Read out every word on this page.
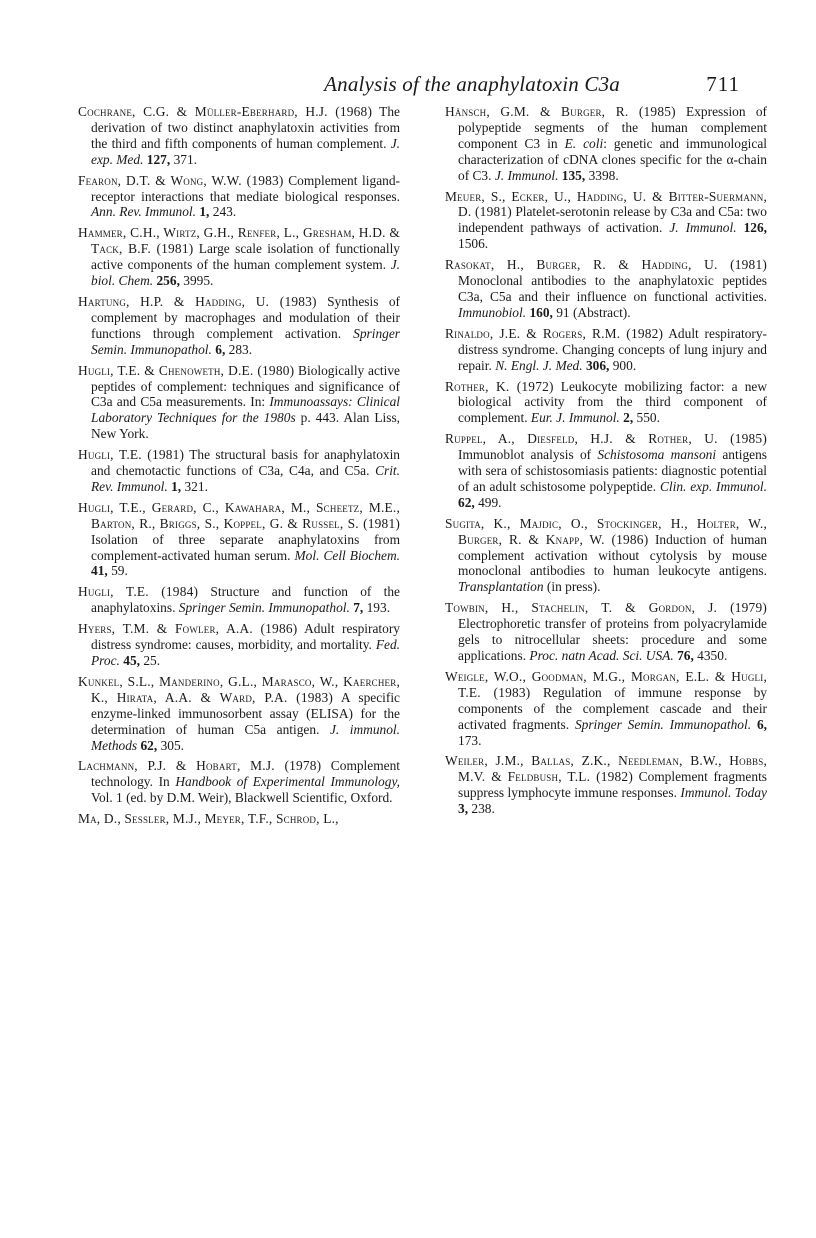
Analysis of the anaphylatoxin C3a	711

Cochrane, C.G. & Müller-Eberhard, H.J. (1968) The derivation of two distinct anaphylatoxin activities from the third and fifth components of human complement. J. exp. Med. 127, 371.

Fearon, D.T. & Wong, W.W. (1983) Complement ligand-receptor interactions that mediate biological responses. Ann. Rev. Immunol. 1, 243.

Hammer, C.H., Wirtz, G.H., Renfer, L., Gresham, H.D. & Tack, B.F. (1981) Large scale isolation of functionally active components of the human complement system. J. biol. Chem. 256, 3995.

Hartung, H.P. & Hadding, U. (1983) Synthesis of complement by macrophages and modulation of their functions through complement activation. Springer Semin. Immunopathol. 6, 283.

Hugli, T.E. & Chenoweth, D.E. (1980) Biologically active peptides of complement: techniques and significance of C3a and C5a measurements. In: Immunoassays: Clinical Laboratory Techniques for the 1980s p. 443. Alan Liss, New York.

Hugli, T.E. (1981) The structural basis for anaphylatoxin and chemotactic functions of C3a, C4a, and C5a. Crit. Rev. Immunol. 1, 321.

Hugli, T.E., Gerard, C., Kawahara, M., Scheetz, M.E., Barton, R., Briggs, S., Koppel, G. & Russel, S. (1981) Isolation of three separate anaphylatoxins from complement-activated human serum. Mol. Cell Biochem. 41, 59.

Hugli, T.E. (1984) Structure and function of the anaphylatoxins. Springer Semin. Immunopathol. 7, 193.

Hyers, T.M. & Fowler, A.A. (1986) Adult respiratory distress syndrome: causes, morbidity, and mortality. Fed. Proc. 45, 25.

Kunkel, S.L., Manderino, G.L., Marasco, W., Kaercher, K., Hirata, A.A. & Ward, P.A. (1983) A specific enzyme-linked immunosorbent assay (ELISA) for the determination of human C5a antigen. J. immunol. Methods 62, 305.

Lachmann, P.J. & Hobart, M.J. (1978) Complement technology. In Handbook of Experimental Immunology, Vol. 1 (ed. by D.M. Weir), Blackwell Scientific, Oxford.

Ma, D., Sessler, M.J., Meyer, T.F., Schrod, L.,

Hänsch, G.M. & Burger, R. (1985) Expression of polypeptide segments of the human complement component C3 in E. coli: genetic and immunological characterization of cDNA clones specific for the α-chain of C3. J. Immunol. 135, 3398.

Meuer, S., Ecker, U., Hadding, U. & Bitter-Suermann, D. (1981) Platelet-serotonin release by C3a and C5a: two independent pathways of activation. J. Immunol. 126, 1506.

Rasokat, H., Burger, R. & Hadding, U. (1981) Monoclonal antibodies to the anaphylatoxic peptides C3a, C5a and their influence on functional activities. Immunobiol. 160, 91 (Abstract).

Rinaldo, J.E. & Rogers, R.M. (1982) Adult respiratory-distress syndrome. Changing concepts of lung injury and repair. N. Engl. J. Med. 306, 900.

Rother, K. (1972) Leukocyte mobilizing factor: a new biological activity from the third component of complement. Eur. J. Immunol. 2, 550.

Ruppel, A., Diesfeld, H.J. & Rother, U. (1985) Immunoblot analysis of Schistosoma mansoni antigens with sera of schistosomiasis patients: diagnostic potential of an adult schistosome polypeptide. Clin. exp. Immunol. 62, 499.

Sugita, K., Majdic, O., Stockinger, H., Holter, W., Burger, R. & Knapp, W. (1986) Induction of human complement activation without cytolysis by mouse monoclonal antibodies to human leukocyte antigens. Transplantation (in press).

Towbin, H., Stachelin, T. & Gordon, J. (1979) Electrophoretic transfer of proteins from polyacrylamide gels to nitrocellular sheets: procedure and some applications. Proc. natn Acad. Sci. USA. 76, 4350.

Weigle, W.O., Goodman, M.G., Morgan, E.L. & Hugli, T.E. (1983) Regulation of immune response by components of the complement cascade and their activated fragments. Springer Semin. Immunopathol. 6, 173.

Weiler, J.M., Ballas, Z.K., Needleman, B.W., Hobbs, M.V. & Feldbush, T.L. (1982) Complement fragments suppress lymphocyte immune responses. Immunol. Today 3, 238.
